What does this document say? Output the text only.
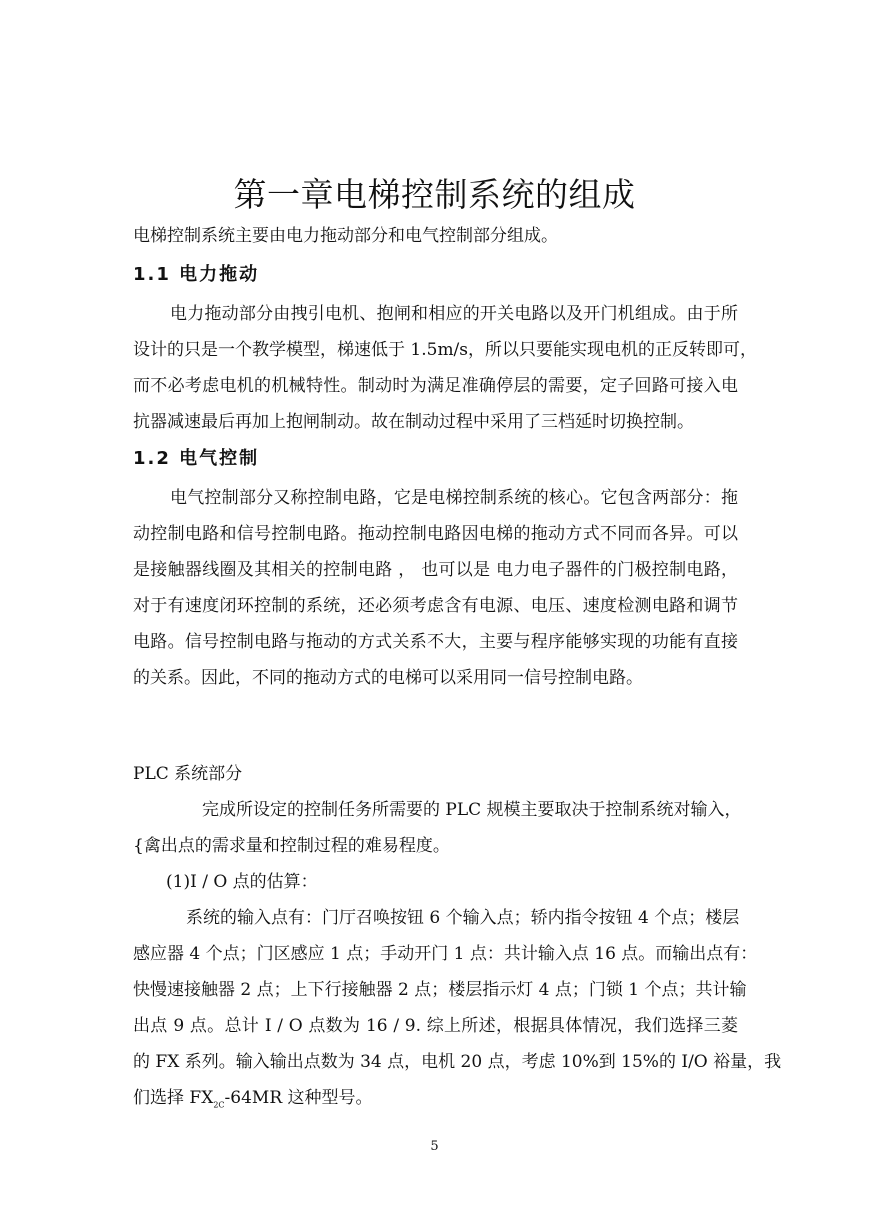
第一章电梯控制系统的组成
电梯控制系统主要由电力拖动部分和电气控制部分组成。
1.1 电力拖动
电力拖动部分由拽引电机、抱闸和相应的开关电路以及开门机组成。由于所
设计的只是一个教学模型，梯速低于 1.5m/s，所以只要能实现电机的正反转即可，
而不必考虑电机的机械特性。制动时为满足准确停层的需要，定子回路可接入电
抗器减速最后再加上抱闸制动。故在制动过程中采用了三档延时切换控制。
1.2 电气控制
电气控制部分又称控制电路，它是电梯控制系统的核心。它包含两部分：拖
动控制电路和信号控制电路。拖动控制电路因电梯的拖动方式不同而各异。可以
是接触器线圈及其相关的控制电路 ， 也可以是 电力电子器件的门极控制电路，
对于有速度闭环控制的系统，还必须考虑含有电源、电压、速度检测电路和调节
电路。信号控制电路与拖动的方式关系不大，主要与程序能够实现的功能有直接
的关系。因此，不同的拖动方式的电梯可以采用同一信号控制电路。
PLC 系统部分
完成所设定的控制任务所需要的 PLC 规模主要取决于控制系统对输入，
{禽出点的需求量和控制过程的难易程度。
(1)I / O 点的估算：
系统的输入点有：门厅召唤按钮 6 个输入点；轿内指令按钮 4 个点；楼层
感应器 4 个点；门区感应 1 点；手动开门 1 点：共计输入点 16 点。而输出点有：
快慢速接触器 2 点；上下行接触器 2 点；楼层指示灯 4 点；门锁 1 个点；共计输
出点 9 点。总计 I / O 点数为 16 / 9. 综上所述，根据具体情况，我们选择三菱
的 FX 系列。输入输出点数为 34 点，电机 20 点，考虑 10%到 15%的 I/O 裕量，我
们选择 $FX_{2C}-64MR$ 这种型号。
5
